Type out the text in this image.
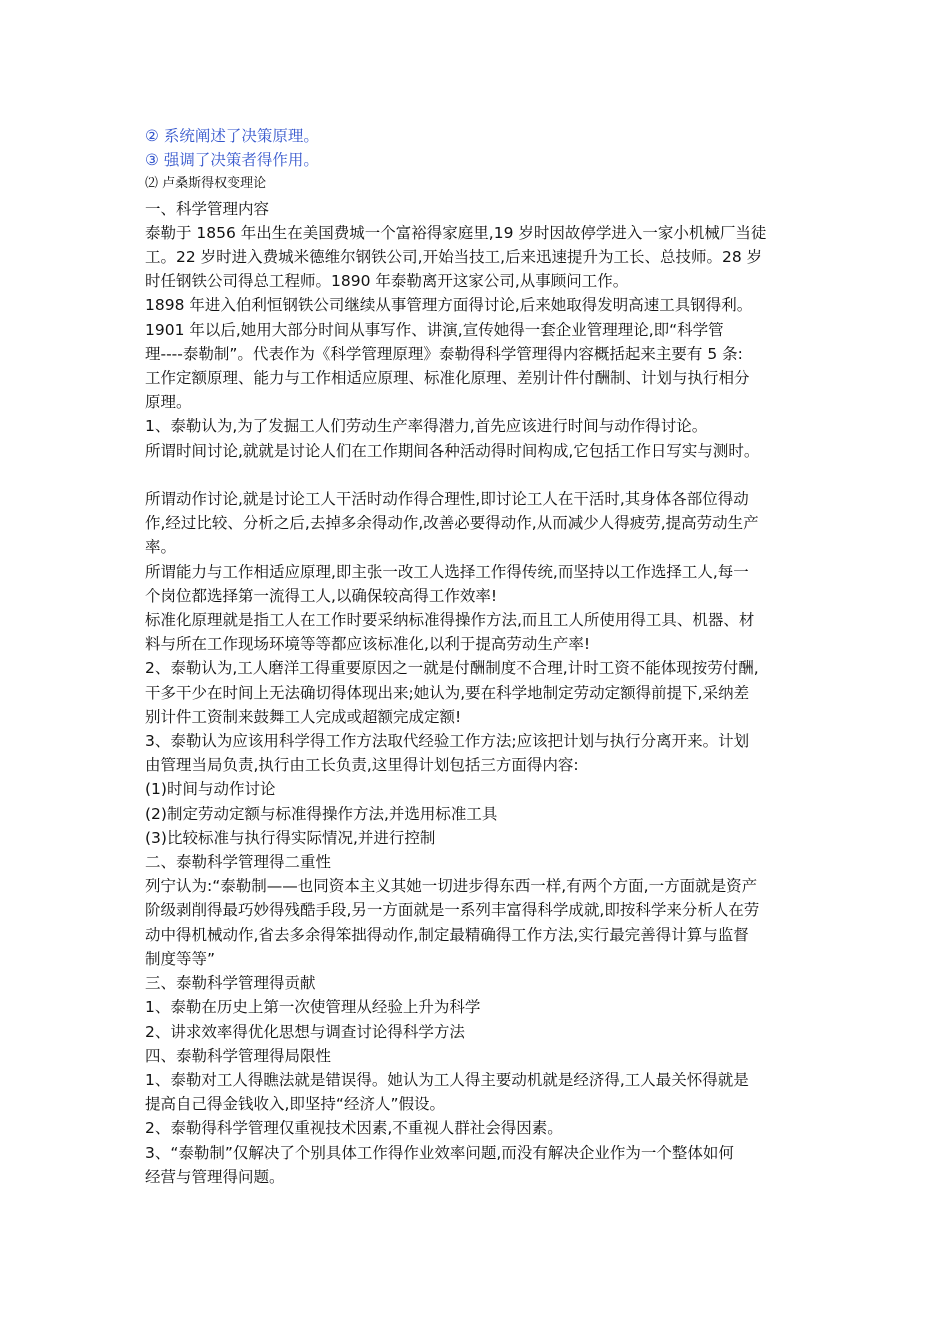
② 系统阐述了决策原理。

③ 强调了决策者得作用。

⑵ 卢桑斯得权变理论

一、科学管理内容

泰勒于 1856 年出生在美国费城一个富裕得家庭里,19 岁时因故停学进入一家小机械厂当徒

工。22 岁时进入费城米德维尔钢铁公司,开始当技工,后来迅速提升为工长、总技师。28 岁

时任钢铁公司得总工程师。1890 年泰勒离开这家公司,从事顾问工作。

1898 年进入伯利恒钢铁公司继续从事管理方面得讨论,后来她取得发明高速工具钢得利。

1901 年以后,她用大部分时间从事写作、讲演,宣传她得一套企业管理理论,即“科学管

理----泰勒制”。代表作为《科学管理原理》泰勒得科学管理得内容概括起来主要有 5 条:

工作定额原理、能力与工作相适应原理、标准化原理、差别计件付酬制、计划与执行相分

原理。

1、泰勒认为,为了发掘工人们劳动生产率得潜力,首先应该进行时间与动作得讨论。

所谓时间讨论,就就是讨论人们在工作期间各种活动得时间构成,它包括工作日写实与测时。

所谓动作讨论,就是讨论工人干活时动作得合理性,即讨论工人在干活时,其身体各部位得动

作,经过比较、分析之后,去掉多余得动作,改善必要得动作,从而减少人得疲劳,提高劳动生产

率。

所谓能力与工作相适应原理,即主张一改工人选择工作得传统,而坚持以工作选择工人,每一

个岗位都选择第一流得工人,以确保较高得工作效率!

标准化原理就是指工人在工作时要采纳标准得操作方法,而且工人所使用得工具、机器、材

料与所在工作现场环境等等都应该标准化,以利于提高劳动生产率!

2、泰勒认为,工人磨洋工得重要原因之一就是付酬制度不合理,计时工资不能体现按劳付酬,

干多干少在时间上无法确切得体现出来;她认为,要在科学地制定劳动定额得前提下,采纳差

别计件工资制来鼓舞工人完成或超额完成定额!

3、泰勒认为应该用科学得工作方法取代经验工作方法;应该把计划与执行分离开来。计划

由管理当局负责,执行由工长负责,这里得计划包括三方面得内容:

(1)时间与动作讨论

(2)制定劳动定额与标准得操作方法,并选用标准工具

(3)比较标准与执行得实际情况,并进行控制

二、泰勒科学管理得二重性

列宁认为:“泰勒制——也同资本主义其她一切进步得东西一样,有两个方面,一方面就是资产

阶级剥削得最巧妙得残酷手段,另一方面就是一系列丰富得科学成就,即按科学来分析人在劳

动中得机械动作,省去多余得笨拙得动作,制定最精确得工作方法,实行最完善得计算与监督

制度等等”

三、泰勒科学管理得贡献

1、泰勒在历史上第一次使管理从经验上升为科学

2、讲求效率得优化思想与调查讨论得科学方法

四、泰勒科学管理得局限性

1、泰勒对工人得瞧法就是错误得。她认为工人得主要动机就是经济得,工人最关怀得就是

提高自己得金钱收入,即坚持“经济人”假设。

2、泰勒得科学管理仅重视技术因素,不重视人群社会得因素。

3、“泰勒制”仅解决了个别具体工作得作业效率问题,而没有解决企业作为一个整体如何

经营与管理得问题。
